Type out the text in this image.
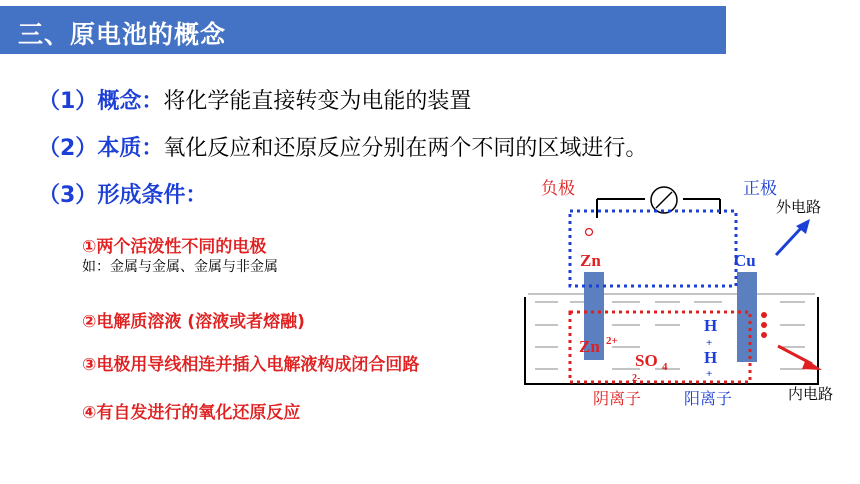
三、原电池的概念
（1）概念：将化学能直接转变为电能的装置
（2）本质：氧化反应和还原反应分别在两个不同的区域进行。
（3）形成条件：
①两个活泼性不同的电极
如：金属与金属、金属与非金属
②电解质溶液 (溶液或者熔融)
③电极用导线相连并插入电解液构成闭合回路
④有自发进行的氧化还原反应
负极	正极
外电路
内电路
Zn	Cu
Zn 2+
SO 4
2-
H
+
H
+
阴离子	阳离子
